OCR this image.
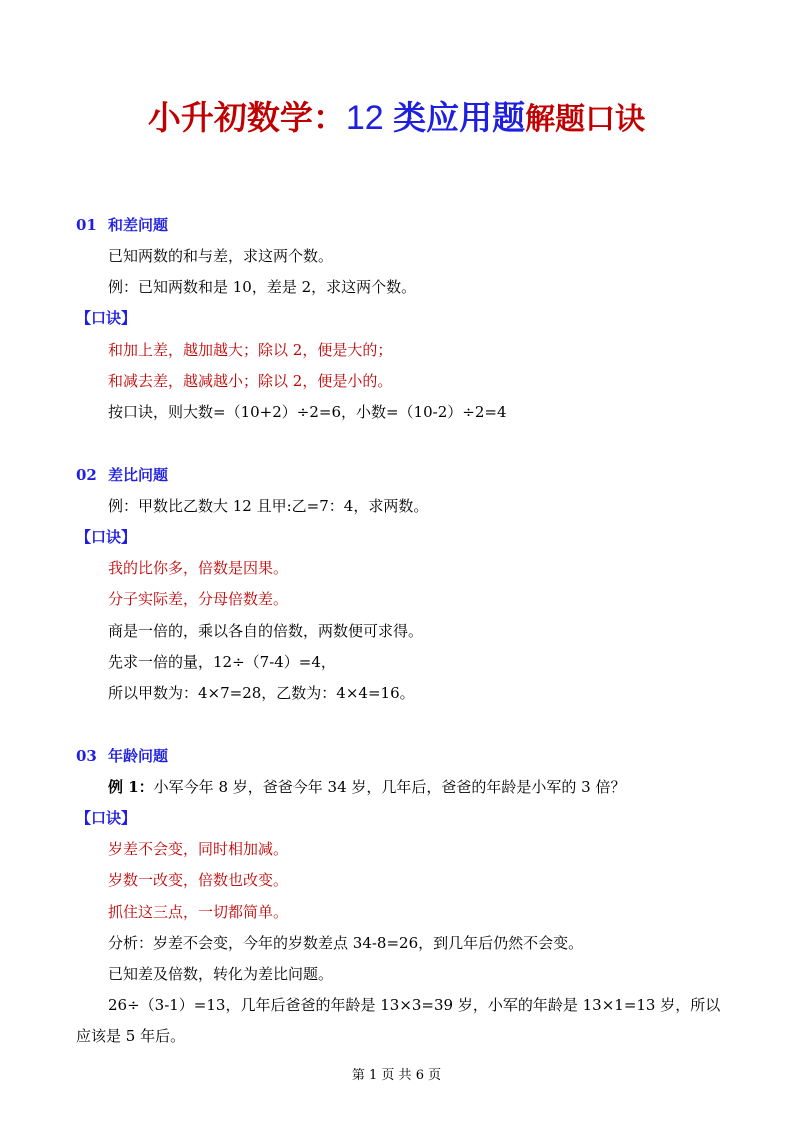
小升初数学：12 类应用题解题口诀
01 和差问题
已知两数的和与差，求这两个数。
例：已知两数和是 10，差是 2，求这两个数。
【口诀】
和加上差，越加越大；除以 2，便是大的；
和减去差，越减越小；除以 2，便是小的。
按口诀，则大数=（10+2）÷2=6，小数=（10-2）÷2=4
02 差比问题
例：甲数比乙数大 12 且甲:乙=7：4，求两数。
【口诀】
我的比你多，倍数是因果。
分子实际差，分母倍数差。
商是一倍的，乘以各自的倍数，两数便可求得。
先求一倍的量，12÷（7-4）=4，
所以甲数为：4×7=28，乙数为：4×4=16。
03 年龄问题
例 1：小军今年 8 岁，爸爸今年 34 岁，几年后，爸爸的年龄是小军的 3 倍？
【口诀】
岁差不会变，同时相加减。
岁数一改变，倍数也改变。
抓住这三点，一切都简单。
分析：岁差不会变，今年的岁数差点 34-8=26，到几年后仍然不会变。
已知差及倍数，转化为差比问题。
26÷（3-1）=13，几年后爸爸的年龄是 13×3=39 岁，小军的年龄是 13×1=13 岁，所以
应该是 5 年后。
第 1 页 共 6 页
